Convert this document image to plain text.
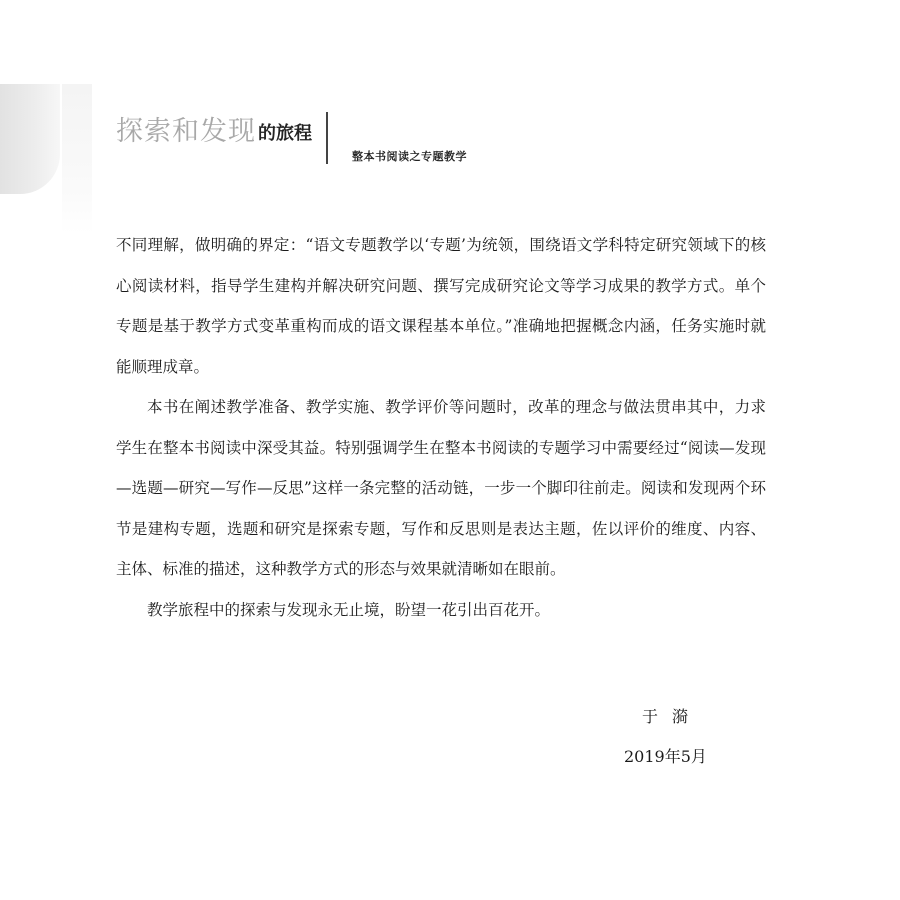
探索和发现 的旅程
整本书阅读之专题教学

不同理解，做明确的界定：“语文专题教学以‘专题’为统领，围绕语文学科特定研究领域下的核心阅读材料，指导学生建构并解决研究问题、撰写完成研究论文等学习成果的教学方式。单个专题是基于教学方式变革重构而成的语文课程基本单位。”准确地把握概念内涵，任务实施时就能顺理成章。

本书在阐述教学准备、教学实施、教学评价等问题时，改革的理念与做法贯串其中，力求学生在整本书阅读中深受其益。特别强调学生在整本书阅读的专题学习中需要经过“阅读—发现—选题—研究—写作—反思”这样一条完整的活动链，一步一个脚印往前走。阅读和发现两个环节是建构专题，选题和研究是探索专题，写作和反思则是表达主题，佐以评价的维度、内容、主体、标准的描述，这种教学方式的形态与效果就清晰如在眼前。

教学旅程中的探索与发现永无止境，盼望一花引出百花开。

于漪
2019年5月
